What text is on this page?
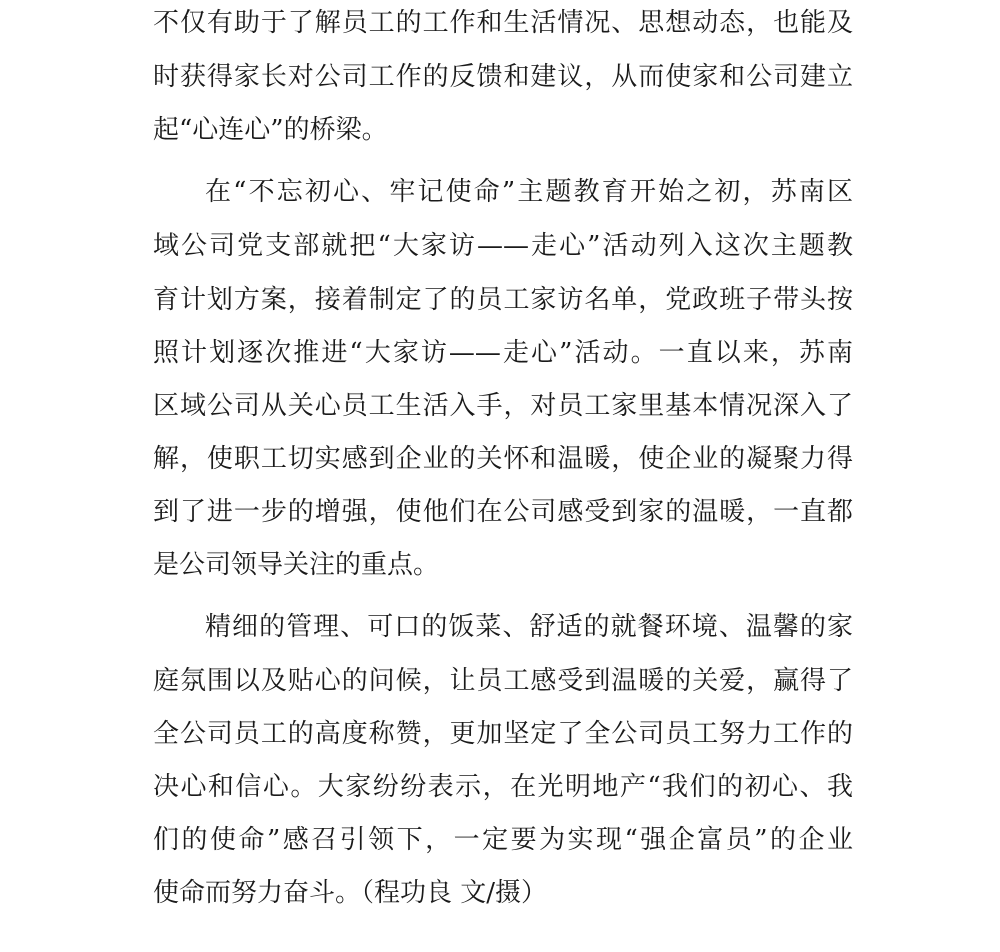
不仅有助于了解员工的工作和生活情况、思想动态，也能及

时获得家长对公司工作的反馈和建议，从而使家和公司建立

起“心连心”的桥梁。

在“不忘初心、牢记使命”主题教育开始之初，苏南区

域公司党支部就把“大家访——走心”活动列入这次主题教

育计划方案，接着制定了的员工家访名单，党政班子带头按

照计划逐次推进“大家访——走心”活动。一直以来，苏南

区域公司从关心员工生活入手，对员工家里基本情况深入了

解，使职工切实感到企业的关怀和温暖，使企业的凝聚力得

到了进一步的增强，使他们在公司感受到家的温暖，一直都

是公司领导关注的重点。

精细的管理、可口的饭菜、舒适的就餐环境、温馨的家

庭氛围以及贴心的问候，让员工感受到温暖的关爱，赢得了

全公司员工的高度称赞，更加坚定了全公司员工努力工作的

决心和信心。大家纷纷表示，在光明地产“我们的初心、我

们的使命”感召引领下，一定要为实现“强企富员”的企业

使命而努力奋斗。（程功良 文/摄）
